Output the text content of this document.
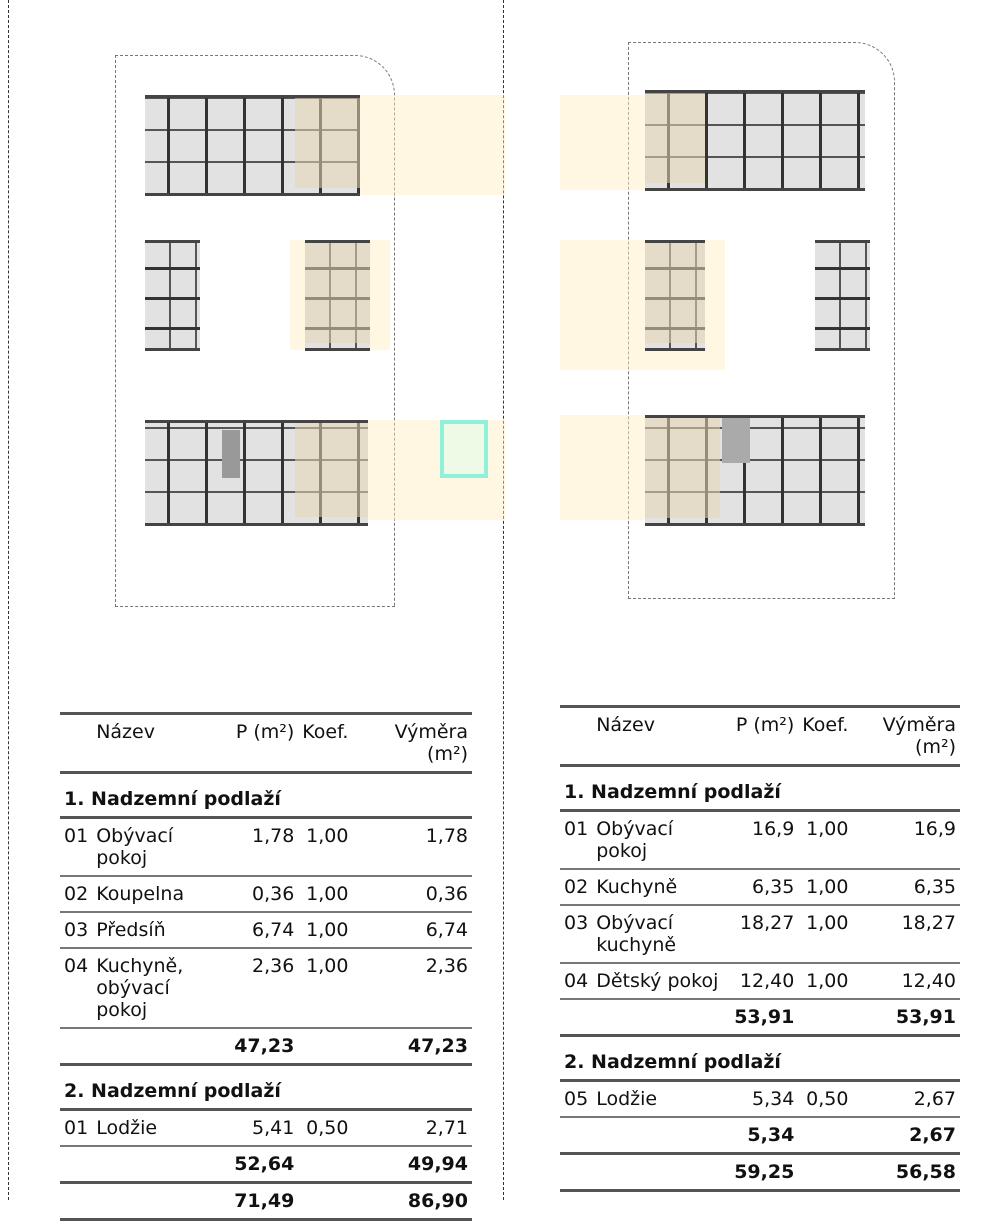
	Název	P (m²)	Koef.	Výměra (m²)
1. Nadzemní podlaží				
01	Obývací pokoj	1,78	1,00	1,78
02	Koupelna	0,36	1,00	0,36
03	Předsíň	6,74	1,00	6,74
04	Kuchyně, obývací pokoj	2,36	1,00	2,36
		47,23		47,23
2. Nadzemní podlaží				
01	Lodžie	5,41	0,50	2,71
		52,64		49,94
		71,49		86,90
	Název	P (m²)	Koef.	Výměra (m²)
1. Nadzemní podlaží				
01	Obývací pokoj	16,9	1,00	16,9
02	Kuchyně	6,35	1,00	6,35
03	Obývací kuchyně	18,27	1,00	18,27
04	Dětský pokoj	12,40	1,00	12,40
		53,91		53,91
2. Nadzemní podlaží				
05	Lodžie	5,34	0,50	2,67
		5,34		2,67
		59,25		56,58
